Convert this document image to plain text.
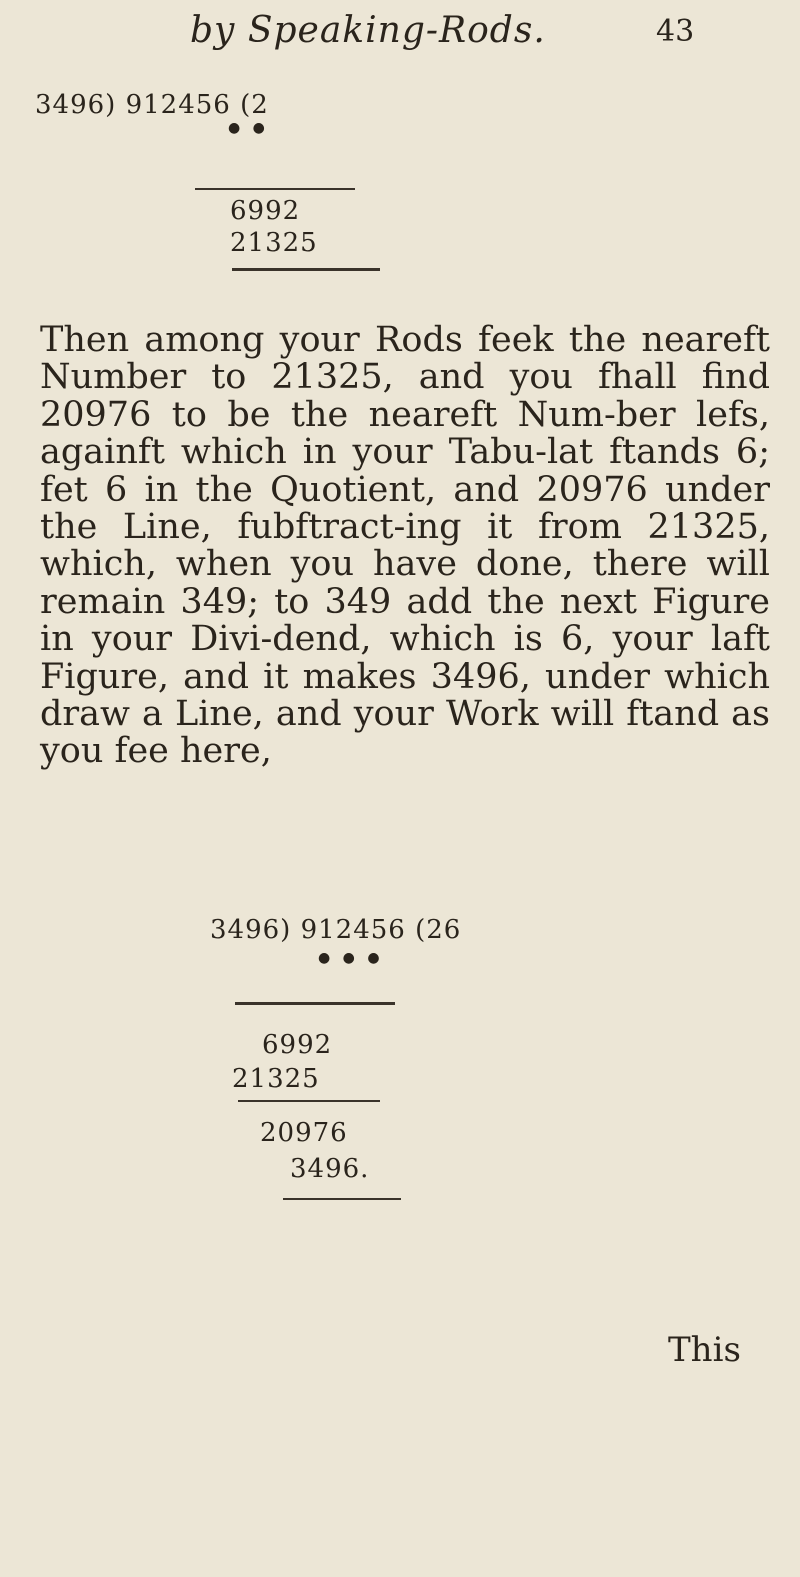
by Speaking-Rods.	43
3496) 912456 (2
● ●
6992
21325
Then among your Rods feek the neareft Number to 21325, and you fhall find 20976 to be the neareft Num-ber lefs, againft which in your Tabu-lat ftands 6; fet 6 in the Quotient, and 20976 under the Line, fubftract-ing it from 21325, which, when you have done, there will remain 349; to 349 add the next Figure in your Divi-dend, which is 6, your laft Figure, and it makes 3496, under which draw a Line, and your Work will ftand as you fee here,
3496) 912456 (26
● ● ●
6992
21325
20976
3496.
This
